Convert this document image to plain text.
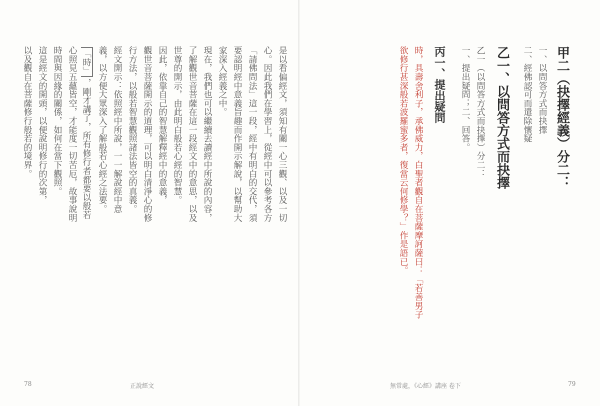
是以看偏經文，須知有關一心三觀、以及一切
心。因此我們在學習上，從經中可以參考各方
「請佛問法」這一段，經中有明白的交代，須
要認明經中意義旨趣而作開示解說，以幫助大
家深入經義之中。
現在，我們也可以繼續去讀經中所說的內容，
了解觀世音菩薩在這一段經文中的意思，以及
世尊的開示，由此明白般若心經的智慧。
因此，依靠自己的智慧解釋經中的意義，
觀世音菩薩開示的道理，可以明白清淨心的修
行方法，以般若智慧觀照諸法皆空的真義。
經文開示：依照經中所說，一一解說經中意
義，以方便大眾深入了解般若心經之法要。
「時」，剛才講了，所有修行者都要以般若
心照見五蘊皆空，才能度一切苦厄，故事說明
時間與因緣的關係，如何在當下觀照。
這是經文的開頭，以便說明修行的次第，
以及觀自在菩薩修行般若的境界。
78	正說經文
甲二（抉擇經義）分二：
一、以問答方式而抉擇
二、經佛認可而遣除懷疑
乙一、以問答方式而抉擇
乙一（以問答方式而抉擇）分二：
一、提出疑問；二、回答。
丙一、提出疑問
時，具壽舍利子，承佛威力，白聖者觀自在菩薩摩訶薩曰：「若善男子
欲修行甚深般若波羅蜜多者，復當云何修學？」作是語已。
無常處，《心經》講座 卷下	79
